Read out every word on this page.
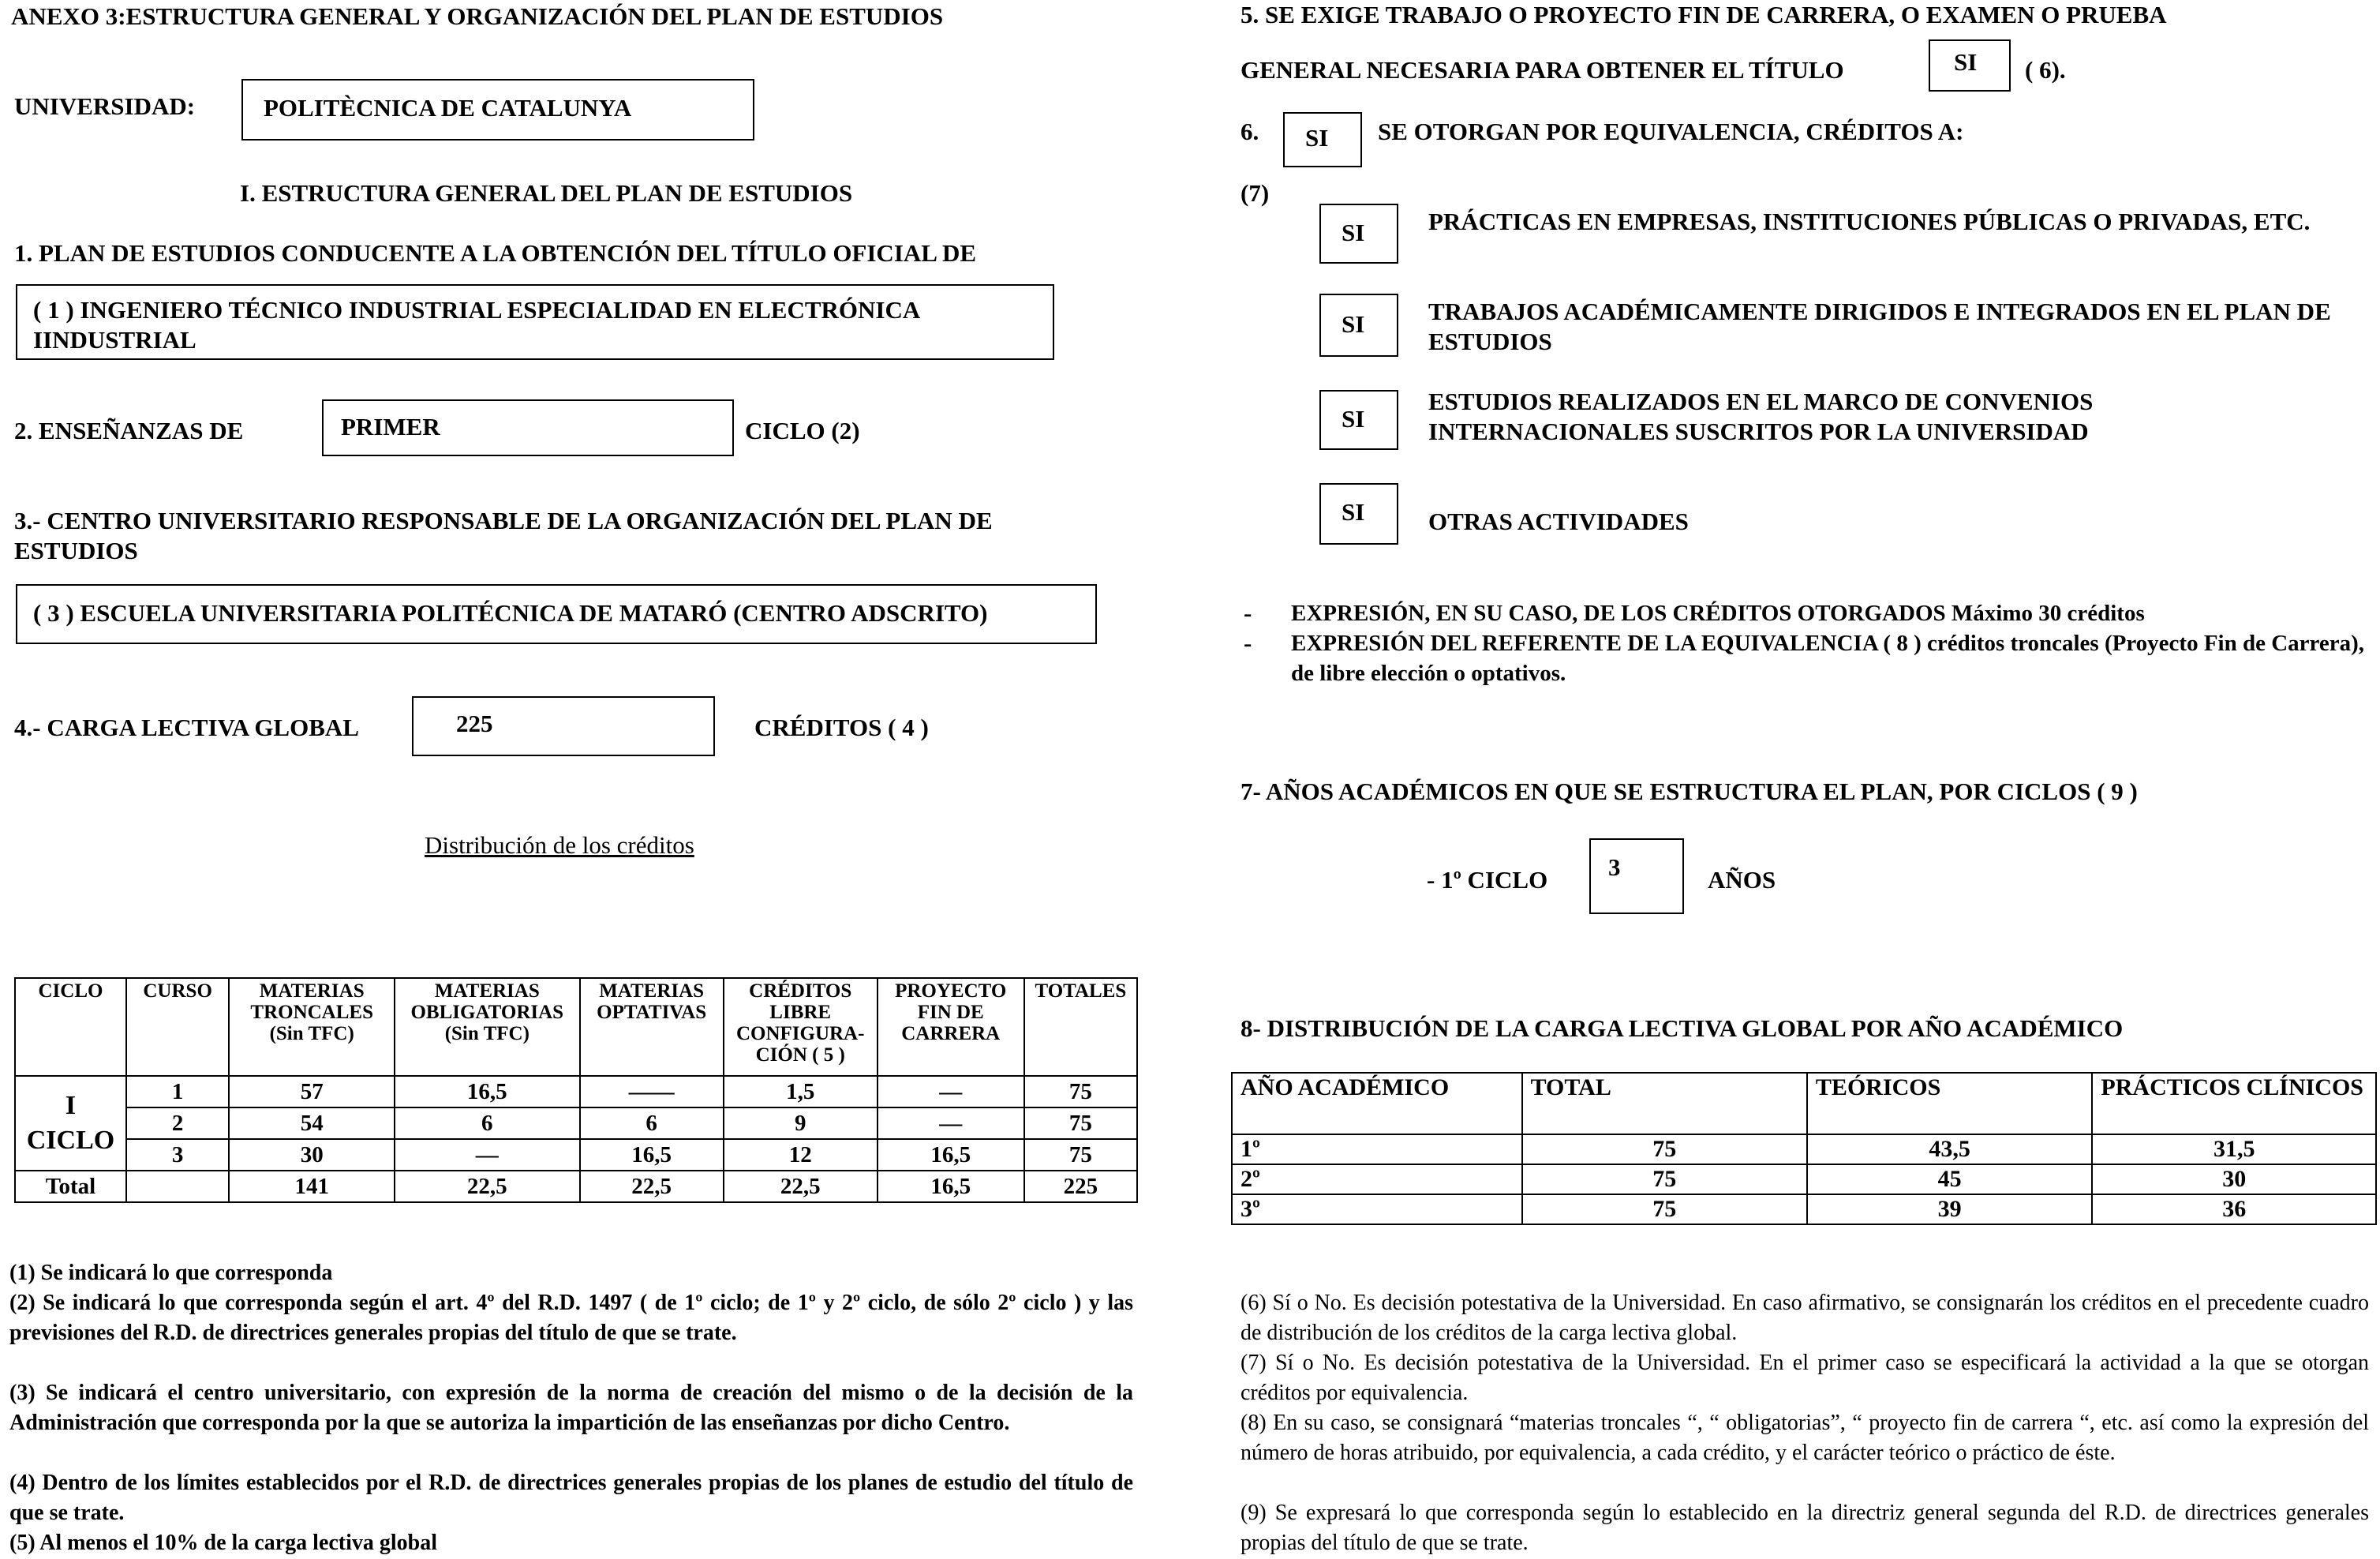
ANEXO 3:ESTRUCTURA GENERAL Y ORGANIZACIÓN DEL PLAN DE ESTUDIOS
UNIVERSIDAD:	POLITÈCNICA DE CATALUNYA
I. ESTRUCTURA GENERAL DEL PLAN DE ESTUDIOS
1. PLAN DE ESTUDIOS CONDUCENTE A LA OBTENCIÓN DEL TÍTULO OFICIAL DE
( 1 ) INGENIERO TÉCNICO INDUSTRIAL ESPECIALIDAD EN ELECTRÓNICA IINDUSTRIAL
2. ENSEÑANZAS DE	PRIMER	CICLO (2)
3.- CENTRO UNIVERSITARIO RESPONSABLE DE LA ORGANIZACIÓN DEL PLAN DE ESTUDIOS
( 3 ) ESCUELA UNIVERSITARIA POLITÉCNICA DE MATARÓ (CENTRO ADSCRITO)
4.- CARGA LECTIVA GLOBAL	225	CRÉDITOS ( 4 )
Distribución de los créditos
CICLO	CURSO	MATERIAS TRONCALES (Sin TFC)	MATERIAS OBLIGATORIAS (Sin TFC)	MATERIAS OPTATIVAS	CRÉDITOS LIBRE CONFIGURA-CIÓN ( 5 )	PROYECTO FIN DE CARRERA	TOTALES
I CICLO	1	57	16,5	——	1,5	—	75
	2	54	6	6	9	—	75
	3	30	—	16,5	12	16,5	75
Total		141	22,5	22,5	22,5	16,5	225
(1) Se indicará lo que corresponda
(2) Se indicará lo que corresponda según el art. 4º del R.D. 1497 ( de 1º ciclo; de 1º y 2º ciclo, de sólo 2º ciclo ) y las previsiones del R.D. de directrices generales propias del título de que se trate.
(3) Se indicará el centro universitario, con expresión de la norma de creación del mismo o de la decisión de la Administración que corresponda por la que se autoriza la impartición de las enseñanzas por dicho Centro.
(4) Dentro de los límites establecidos por el R.D. de directrices generales propias de los planes de estudio del título de que se trate.
(5) Al menos el 10% de la carga lectiva global
5. SE EXIGE TRABAJO O PROYECTO FIN DE CARRERA, O EXAMEN O PRUEBA
GENERAL NECESARIA PARA OBTENER EL TÍTULO	SI ( 6).
6. SI SE OTORGAN POR EQUIVALENCIA, CRÉDITOS A:
(7)
SI	PRÁCTICAS EN EMPRESAS, INSTITUCIONES PÚBLICAS O PRIVADAS, ETC.
SI	TRABAJOS ACADÉMICAMENTE DIRIGIDOS E INTEGRADOS EN EL PLAN DE ESTUDIOS
SI
ESTUDIOS REALIZADOS EN EL MARCO DE CONVENIOS INTERNACIONALES SUSCRITOS POR LA UNIVERSIDAD
SI	OTRAS ACTIVIDADES
- EXPRESIÓN, EN SU CASO, DE LOS CRÉDITOS OTORGADOS Máximo 30 créditos
- EXPRESIÓN DEL REFERENTE DE LA EQUIVALENCIA ( 8 ) créditos troncales (Proyecto Fin de Carrera), de libre elección o optativos.
7- AÑOS ACADÉMICOS EN QUE SE ESTRUCTURA EL PLAN, POR CICLOS ( 9 )
- 1º CICLO 3	AÑOS
8- DISTRIBUCIÓN DE LA CARGA LECTIVA GLOBAL POR AÑO ACADÉMICO
AÑO ACADÉMICO	TOTAL	TEÓRICOS	PRÁCTICOS CLÍNICOS
1º	75	43,5	31,5
2º	75	45	30
3º	75	39	36
(6) Sí o No. Es decisión potestativa de la Universidad. En caso afirmativo, se consignarán los créditos en el precedente cuadro de distribución de los créditos de la carga lectiva global.
(7) Sí o No. Es decisión potestativa de la Universidad. En el primer caso se especificará la actividad a la que se otorgan créditos por equivalencia.
(8) En su caso, se consignará “materias troncales “, “ obligatorias”, “ proyecto fin de carrera “, etc. así como la expresión del número de horas atribuido, por equivalencia, a cada crédito, y el carácter teórico o práctico de éste.
(9) Se expresará lo que corresponda según lo establecido en la directriz general segunda del R.D. de directrices generales propias del título de que se trate.
